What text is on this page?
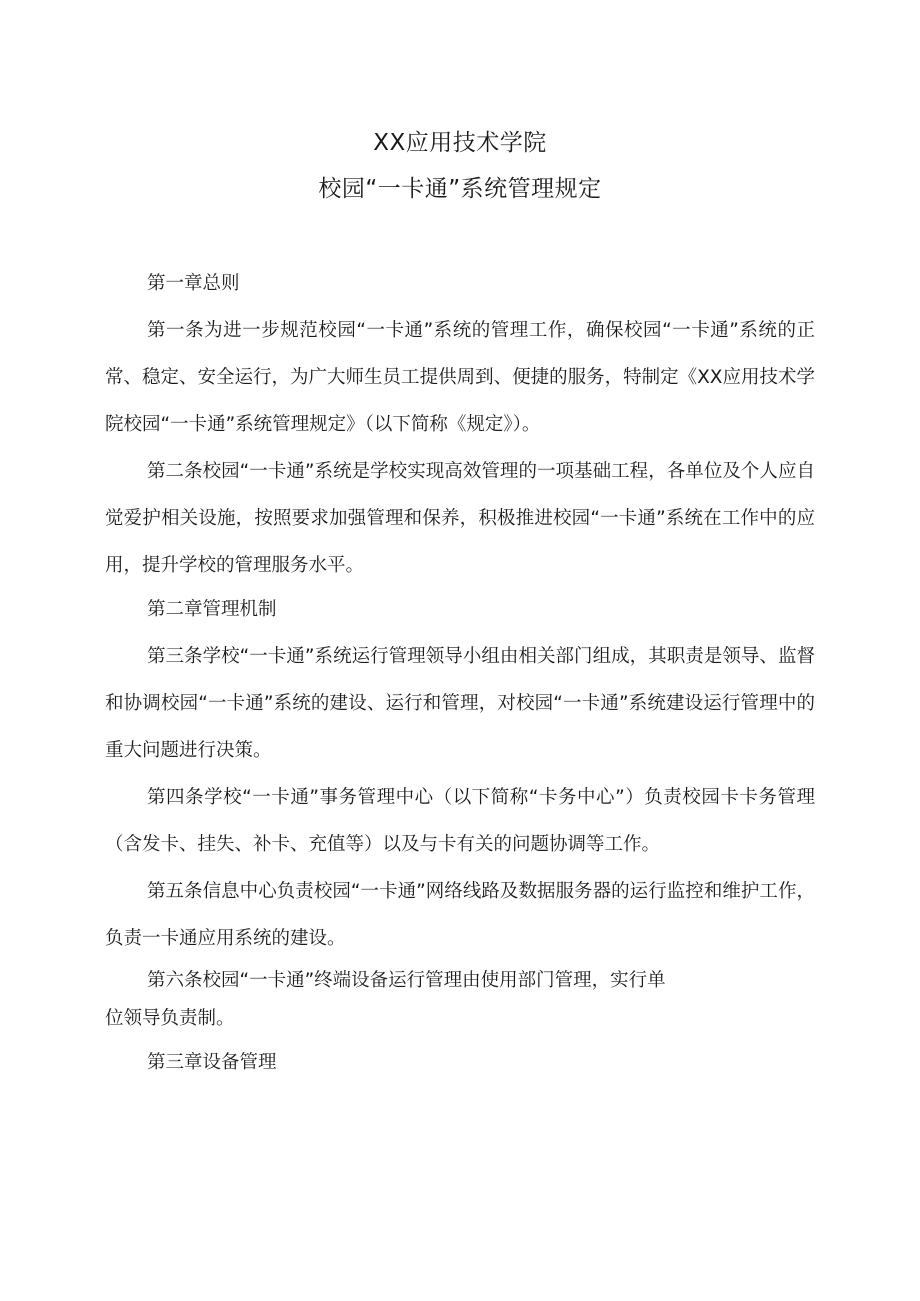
XX应用技术学院
校园“一卡通”系统管理规定
第一章总则

第一条为进一步规范校园“一卡通”系统的管理工作，确保校园“一卡通”系统的正常、稳定、安全运行，为广大师生员工提供周到、便捷的服务，特制定《XX应用技术学院校园“一卡通”系统管理规定》（以下简称《规定》）。

第二条校园“一卡通”系统是学校实现高效管理的一项基础工程，各单位及个人应自觉爱护相关设施，按照要求加强管理和保养，积极推进校园“一卡通”系统在工作中的应用，提升学校的管理服务水平。

第二章管理机制

第三条学校“一卡通”系统运行管理领导小组由相关部门组成，其职责是领导、监督和协调校园“一卡通”系统的建设、运行和管理，对校园“一卡通”系统建设运行管理中的重大问题进行决策。

第四条学校“一卡通”事务管理中心（以下简称“卡务中心”）负责校园卡卡务管理（含发卡、挂失、补卡、充值等）以及与卡有关的问题协调等工作。

第五条信息中心负责校园“一卡通”网络线路及数据服务器的运行监控和维护工作，负责一卡通应用系统的建设。

第六条校园“一卡通”终端设备运行管理由使用部门管理，实行单
位领导负责制。
第三章设备管理
